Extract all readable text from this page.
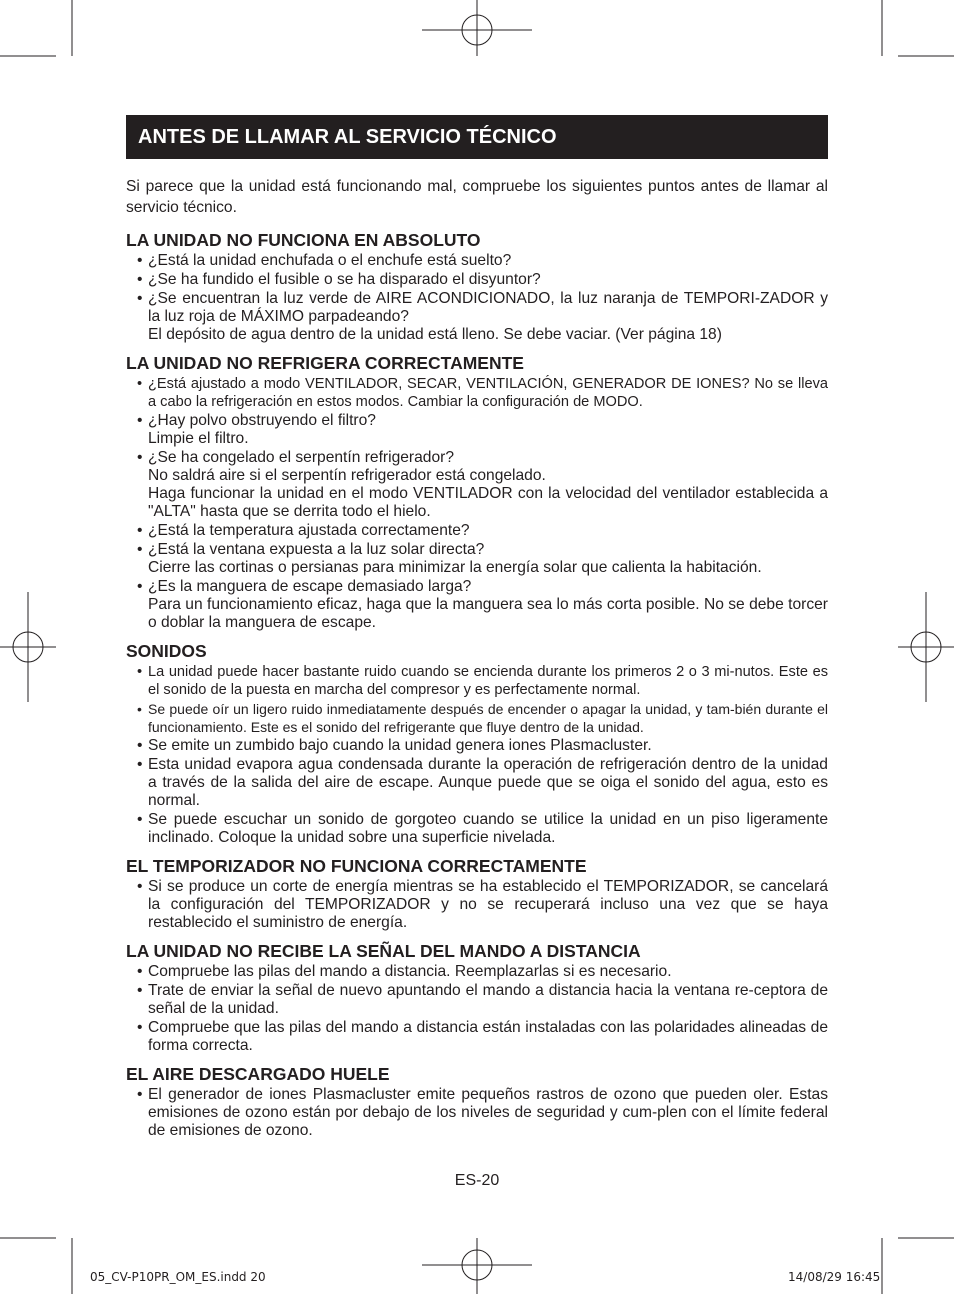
ANTES DE LLAMAR AL SERVICIO TÉCNICO

Si parece que la unidad está funcionando mal, compruebe los siguientes puntos antes de llamar al servicio técnico.

LA UNIDAD NO FUNCIONA EN ABSOLUTO
• ¿Está la unidad enchufada o el enchufe está suelto?
• ¿Se ha fundido el fusible o se ha disparado el disyuntor?
• ¿Se encuentran la luz verde de AIRE ACONDICIONADO, la luz naranja de TEMPORI-ZADOR y la luz roja de MÁXIMO parpadeando?
El depósito de agua dentro de la unidad está lleno. Se debe vaciar. (Ver página 18)
LA UNIDAD NO REFRIGERA CORRECTAMENTE
• ¿Está ajustado a modo VENTILADOR, SECAR, VENTILACIÓN, GENERADOR DE IONES? No se lleva a cabo la refrigeración en estos modos. Cambiar la configuración de MODO.
• ¿Hay polvo obstruyendo el filtro?
Limpie el filtro.
• ¿Se ha congelado el serpentín refrigerador?
No saldrá aire si el serpentín refrigerador está congelado.
Haga funcionar la unidad en el modo VENTILADOR con la velocidad del ventilador establecida a "ALTA" hasta que se derrita todo el hielo.
• ¿Está la temperatura ajustada correctamente?
• ¿Está la ventana expuesta a la luz solar directa?
Cierre las cortinas o persianas para minimizar la energía solar que calienta la habitación.
• ¿Es la manguera de escape demasiado larga?
Para un funcionamiento eficaz, haga que la manguera sea lo más corta posible. No se debe torcer o doblar la manguera de escape.
SONIDOS
• La unidad puede hacer bastante ruido cuando se encienda durante los primeros 2 o 3 mi-nutos. Este es el sonido de la puesta en marcha del compresor y es perfectamente normal.
• Se puede oír un ligero ruido inmediatamente después de encender o apagar la unidad, y tam-bién durante el funcionamiento. Este es el sonido del refrigerante que fluye dentro de la unidad.
• Se emite un zumbido bajo cuando la unidad genera iones Plasmacluster.
• Esta unidad evapora agua condensada durante la operación de refrigeración dentro de la unidad a través de la salida del aire de escape. Aunque puede que se oiga el sonido del agua, esto es normal.
• Se puede escuchar un sonido de gorgoteo cuando se utilice la unidad en un piso ligeramente inclinado. Coloque la unidad sobre una superficie nivelada.
EL TEMPORIZADOR NO FUNCIONA CORRECTAMENTE
• Si se produce un corte de energía mientras se ha establecido el TEMPORIZADOR, se cancelará la configuración del TEMPORIZADOR y no se recuperará incluso una vez que se haya restablecido el suministro de energía.
LA UNIDAD NO RECIBE LA SEÑAL DEL MANDO A DISTANCIA
• Compruebe las pilas del mando a distancia. Reemplazarlas si es necesario.
• Trate de enviar la señal de nuevo apuntando el mando a distancia hacia la ventana re-ceptora de señal de la unidad.
• Compruebe que las pilas del mando a distancia están instaladas con las polaridades alineadas de forma correcta.
EL AIRE DESCARGADO HUELE
• El generador de iones Plasmacluster emite pequeños rastros de ozono que pueden oler. Estas emisiones de ozono están por debajo de los niveles de seguridad y cum-plen con el límite federal de emisiones de ozono.
ES-20
05_CV-P10PR_OM_ES.indd 20	14/08/29 16:45
